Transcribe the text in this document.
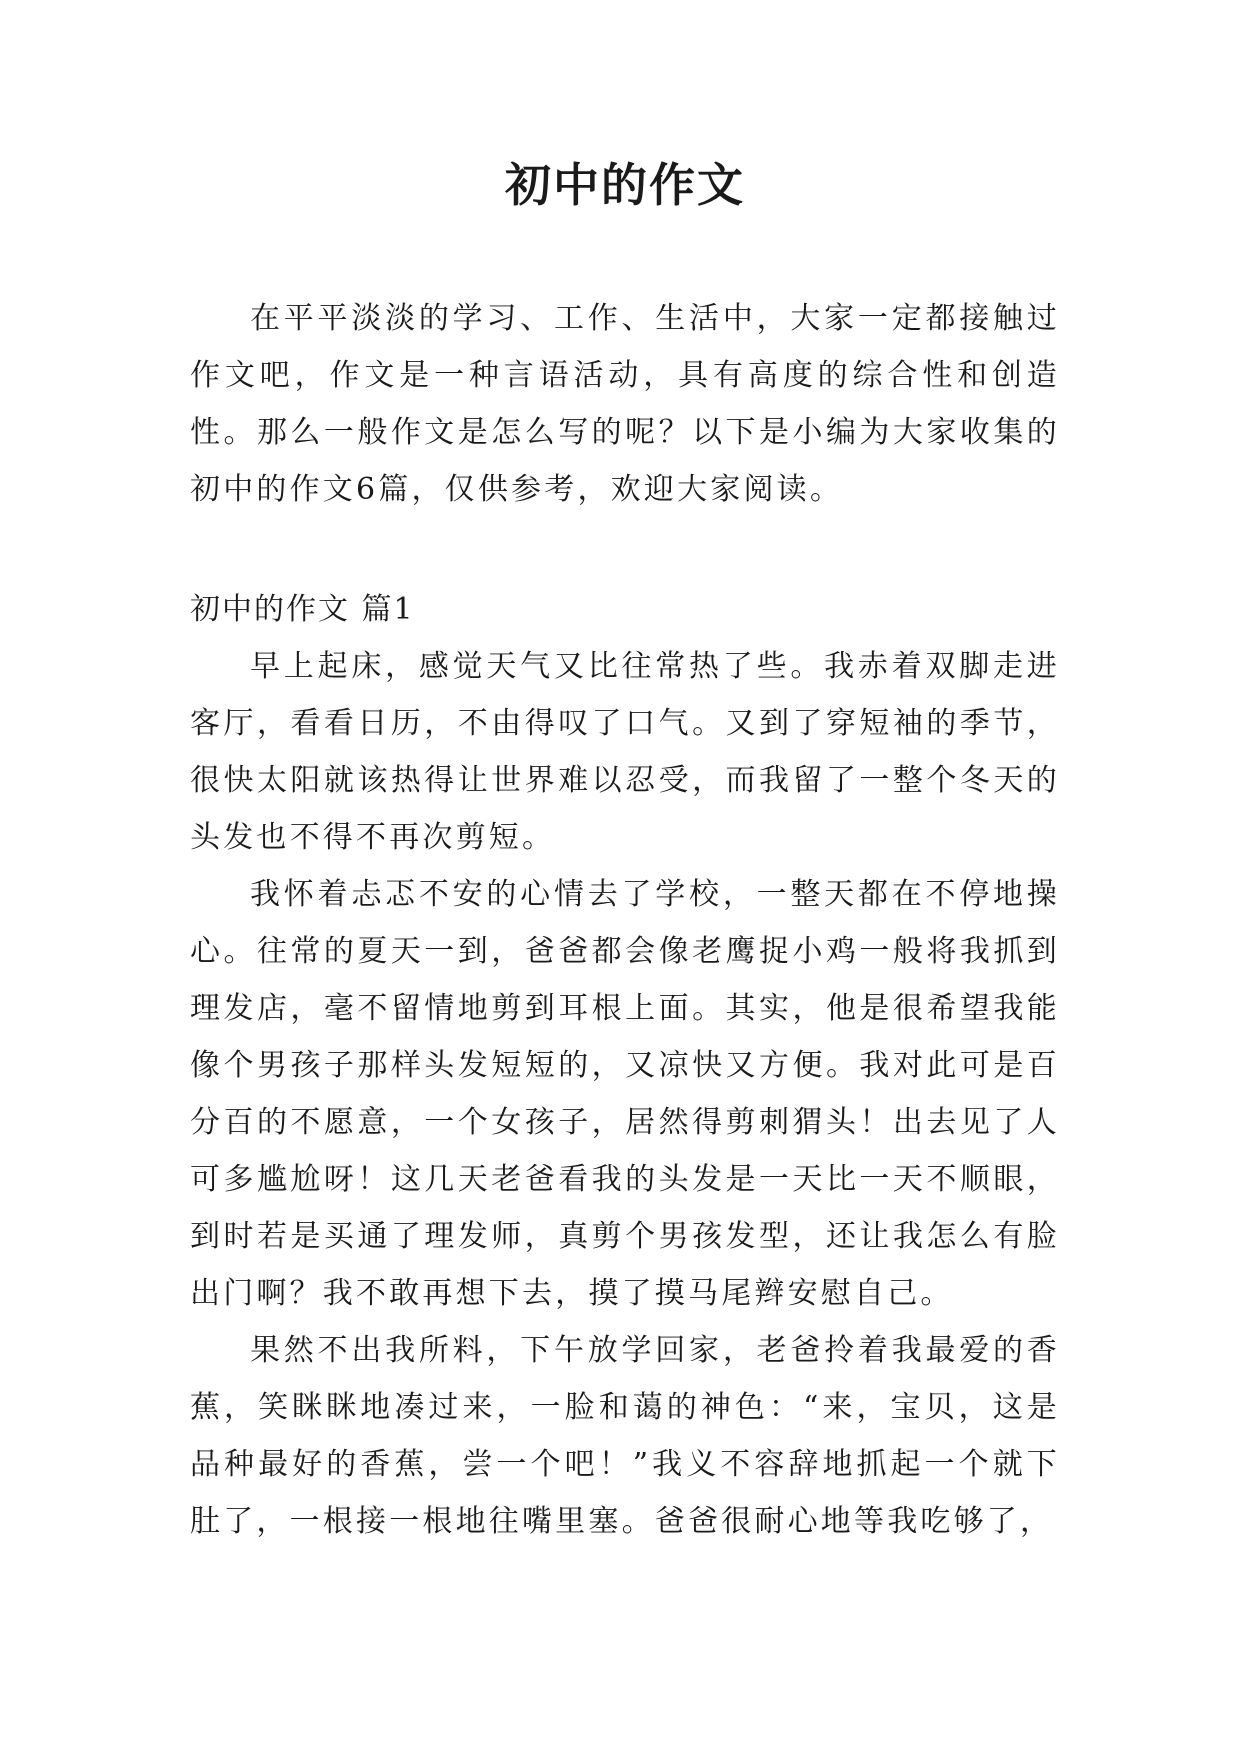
初中的作文

在平平淡淡的学习、工作、生活中，大家一定都接触过作文吧，作文是一种言语活动，具有高度的综合性和创造性。那么一般作文是怎么写的呢？以下是小编为大家收集的初中的作文6篇，仅供参考，欢迎大家阅读。

初中的作文 篇1

早上起床，感觉天气又比往常热了些。我赤着双脚走进客厅，看看日历，不由得叹了口气。又到了穿短袖的季节，很快太阳就该热得让世界难以忍受，而我留了一整个冬天的头发也不得不再次剪短。

我怀着忐忑不安的心情去了学校，一整天都在不停地操心。往常的夏天一到，爸爸都会像老鹰捉小鸡一般将我抓到理发店，毫不留情地剪到耳根上面。其实，他是很希望我能像个男孩子那样头发短短的，又凉快又方便。我对此可是百分百的不愿意，一个女孩子，居然得剪刺猬头！出去见了人可多尴尬呀！这几天老爸看我的头发是一天比一天不顺眼，到时若是买通了理发师，真剪个男孩发型，还让我怎么有脸出门啊？我不敢再想下去，摸了摸马尾辫安慰自己。

果然不出我所料，下午放学回家，老爸拎着我最爱的香蕉，笑眯眯地凑过来，一脸和蔼的神色：“来，宝贝，这是品种最好的香蕉，尝一个吧！”我义不容辞地抓起一个就下肚了，一根接一根地往嘴里塞。爸爸很耐心地等我吃够了，
